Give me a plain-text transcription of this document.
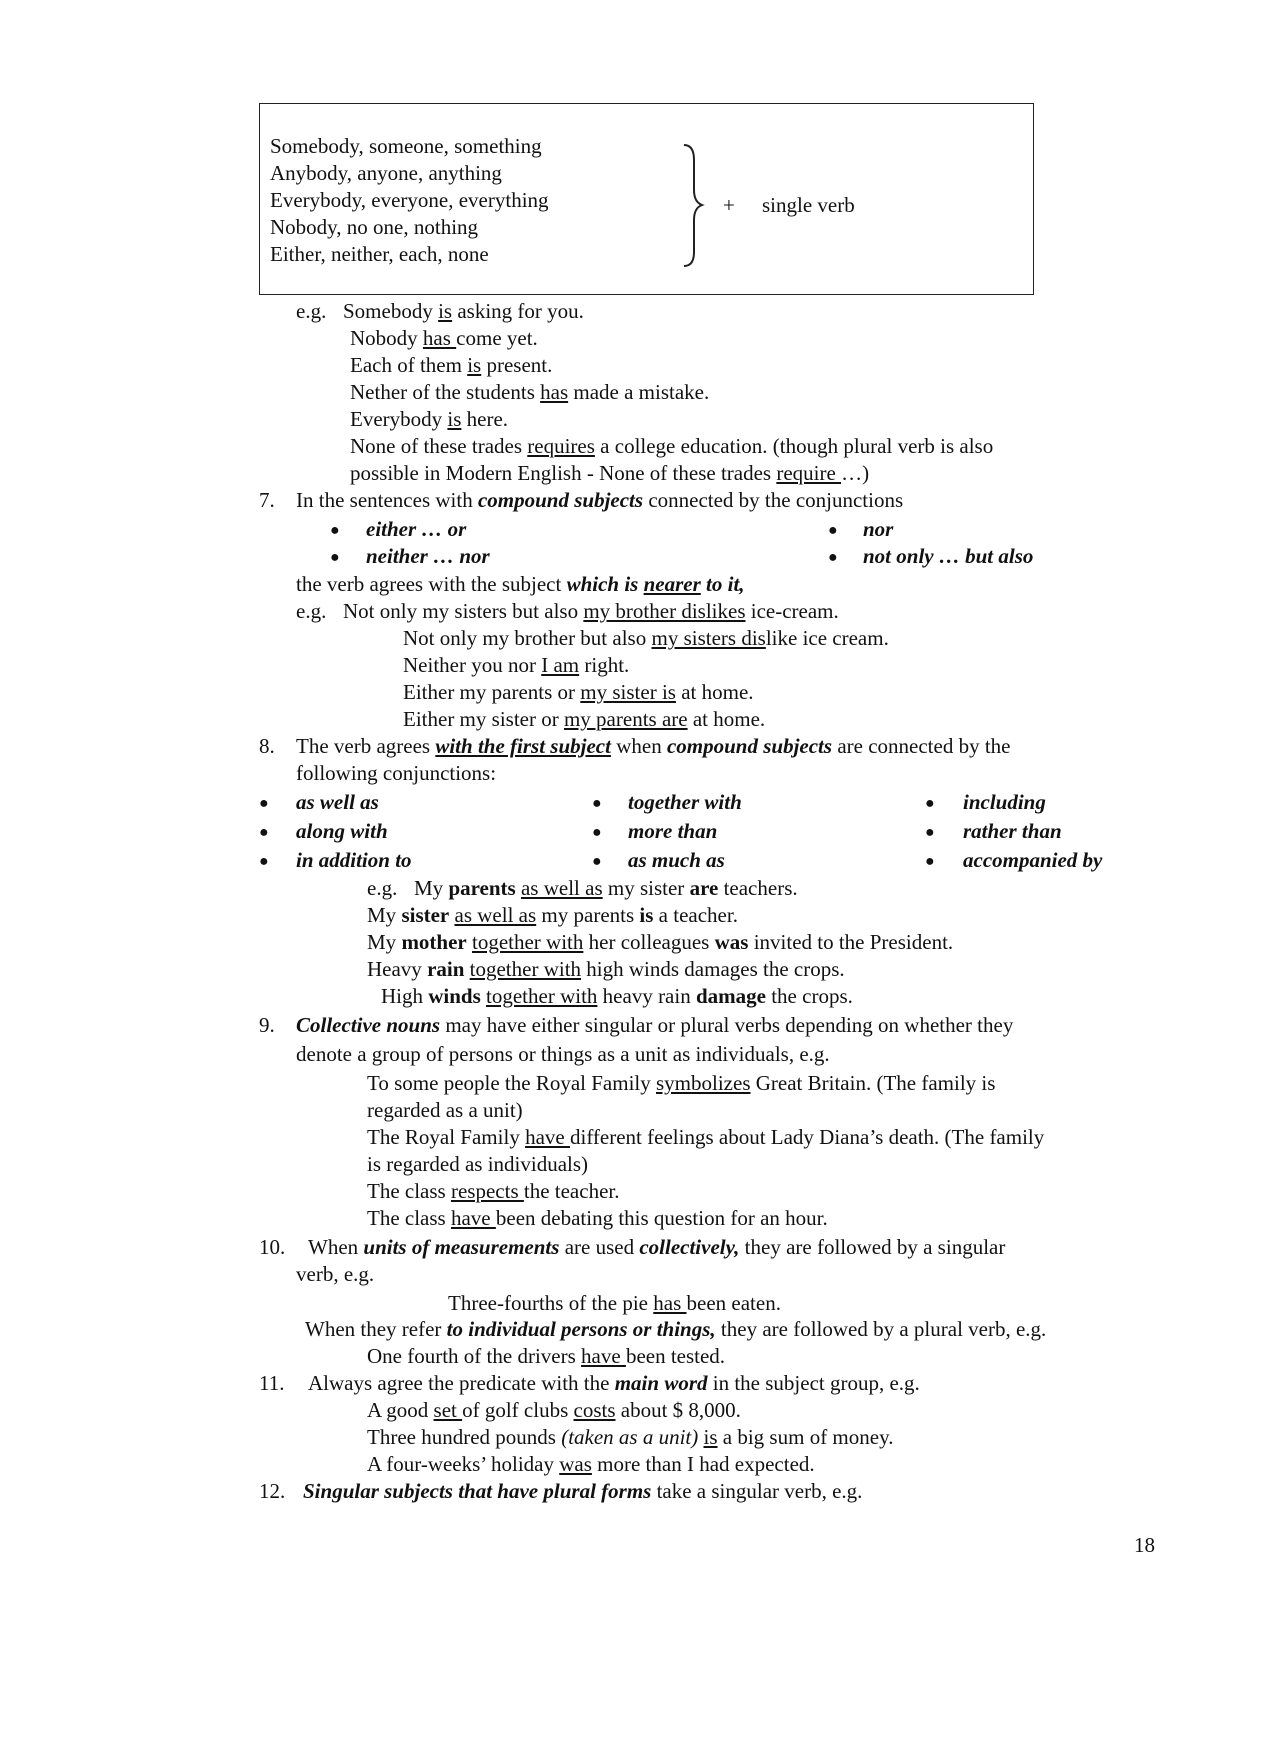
Somebody, someone, something
Anybody, anyone, anything
Everybody, everyone, everything
Nobody, no one, nothing
Either, neither, each, none
+ single verb
e.g. Somebody is asking for you.
Nobody has come yet.
Each of them is present.
Nether of the students has made a mistake.
Everybody is here.
None of these trades requires a college education. (though plural verb is also
possible in Modern English - None of these trades require …)
7. In the sentences with compound subjects connected by the conjunctions
● either … or	● nor
● neither … nor	● not only … but also
the verb agrees with the subject which is nearer to it,
e.g. Not only my sisters but also my brother dislikes ice-cream.
Not only my brother but also my sisters dislike ice cream.
Neither you nor I am right.
Either my parents or my sister is at home.
Either my sister or my parents are at home.
8. The verb agrees with the first subject when compound subjects are connected by the
following conjunctions:
● as well as	● together with	● including
● along with	● more than	● rather than
● in addition to	● as much as	● accompanied by
e.g. My parents as well as my sister are teachers.
My sister as well as my parents is a teacher.
My mother together with her colleagues was invited to the President.
Heavy rain together with high winds damages the crops.
High winds together with heavy rain damage the crops.
9. Collective nouns may have either singular or plural verbs depending on whether they
denote a group of persons or things as a unit as individuals, e.g.
To some people the Royal Family symbolizes Great Britain. (The family is
regarded as a unit)
The Royal Family have different feelings about Lady Diana’s death. (The family
is regarded as individuals)
The class respects the teacher.
The class have been debating this question for an hour.
10. When units of measurements are used collectively, they are followed by a singular
verb, e.g.
Three-fourths of the pie has been eaten.
When they refer to individual persons or things, they are followed by a plural verb, e.g.
One fourth of the drivers have been tested.
11. Always agree the predicate with the main word in the subject group, e.g.
A good set of golf clubs costs about $ 8,000.
Three hundred pounds (taken as a unit) is a big sum of money.
A four-weeks’ holiday was more than I had expected.
12. Singular subjects that have plural forms take a singular verb, e.g.
18
